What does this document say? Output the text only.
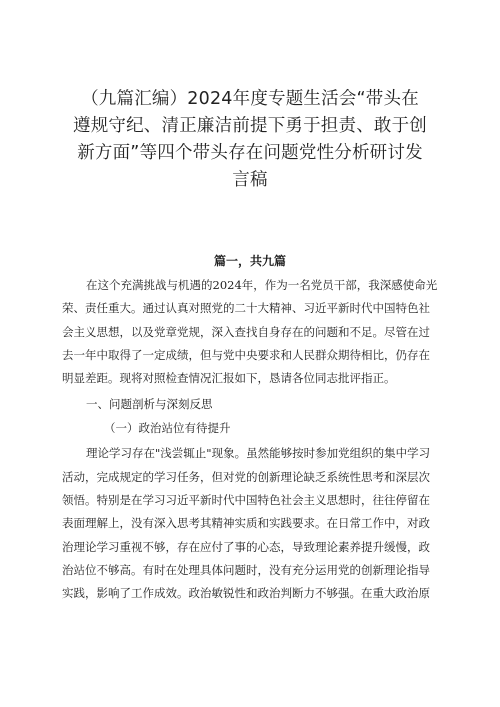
（九篇汇编）2024年度专题生活会“带头在
遵规守纪、清正廉洁前提下勇于担责、敢于创
新方面”等四个带头存在问题党性分析研讨发
言稿
篇一，共九篇

在这个充满挑战与机遇的2024年，作为一名党员干部，我深感使命光
荣、责任重大。通过认真对照党的二十大精神、习近平新时代中国特色社
会主义思想，以及党章党规，深入查找自身存在的问题和不足。尽管在过
去一年中取得了一定成绩，但与党中央要求和人民群众期待相比，仍存在
明显差距。现将对照检查情况汇报如下，恳请各位同志批评指正。

一、问题剖析与深刻反思
（一）政治站位有待提升

理论学习存在"浅尝辄止"现象。虽然能够按时参加党组织的集中学习
活动，完成规定的学习任务，但对党的创新理论缺乏系统性思考和深层次
领悟。特别是在学习习近平新时代中国特色社会主义思想时，往往停留在
表面理解上，没有深入思考其精神实质和实践要求。在日常工作中，对政
治理论学习重视不够，存在应付了事的心态，导致理论素养提升缓慢，政
治站位不够高。有时在处理具体问题时，没有充分运用党的创新理论指导
实践，影响了工作成效。政治敏锐性和政治判断力不够强。在重大政治原
